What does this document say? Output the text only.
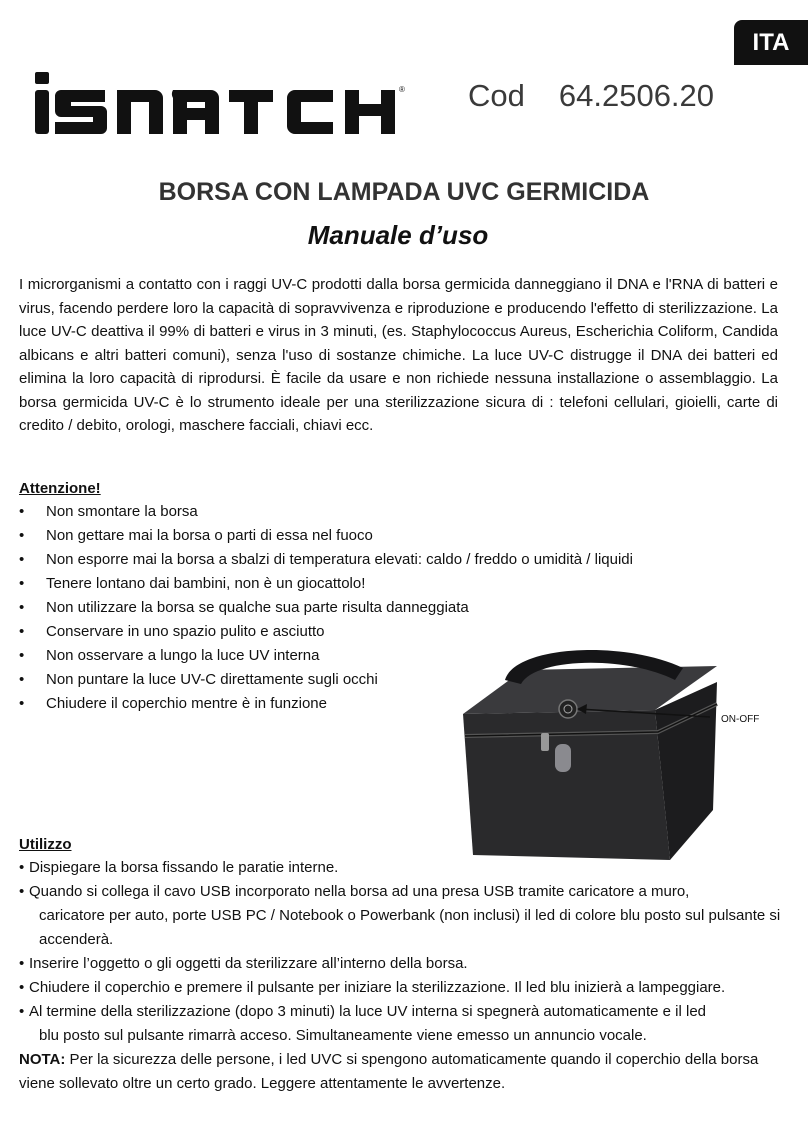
ITA
® Cod 64.2506.20
BORSA CON LAMPADA UVC GERMICIDA
Manuale d’uso

I microrganismi a contatto con i raggi UV-C prodotti dalla borsa germicida danneggiano il DNA e l'RNA di batteri e virus, facendo perdere loro la capacità di sopravvivenza e riproduzione e producendo l'effetto di sterilizzazione. La luce UV-C deattiva il 99% di batteri e virus in 3 minuti, (es. Staphylococcus Aureus, Escherichia Coliform, Candida albicans e altri batteri comuni), senza l'uso di sostanze chimiche. La luce UV-C distrugge il DNA dei batteri ed elimina la loro capacità di riprodursi. È facile da usare e non richiede nessuna installazione o assemblaggio. La borsa germicida UV-C è lo strumento ideale per una sterilizzazione sicura di : telefoni cellulari, gioielli, carte di credito / debito, orologi, maschere facciali, chiavi ecc.

Attenzione!

• Non smontare la borsa
• Non gettare mai la borsa o parti di essa nel fuoco
• Non esporre mai la borsa a sbalzi di temperatura elevati: caldo / freddo o umidità / liquidi
• Tenere lontano dai bambini, non è un giocattolo!
• Non utilizzare la borsa se qualche sua parte risulta danneggiata
• Conservare in uno spazio pulito e asciutto
• Non osservare a lungo la luce UV interna
• Non puntare la luce UV-C direttamente sugli occhi
• Chiudere il coperchio mentre è in funzione
ON-OFF

Utilizzo

• Dispiegare la borsa fissando le paratie interne.
• Quando si collega il cavo USB incorporato nella borsa ad una presa USB tramite caricatore a muro,
caricatore per auto, porte USB PC / Notebook o Powerbank (non inclusi) il led di colore blu posto sul pulsante si accenderà.
• Inserire l’oggetto o gli oggetti da sterilizzare all’interno della borsa.
• Chiudere il coperchio e premere il pulsante per iniziare la sterilizzazione. Il led blu inizierà a lampeggiare.
• Al termine della sterilizzazione (dopo 3 minuti) la luce UV interna si spegnerà automaticamente e il led
blu posto sul pulsante rimarrà acceso. Simultaneamente viene emesso un annuncio vocale.

NOTA: Per la sicurezza delle persone, i led UVC si spengono automaticamente quando il coperchio della borsa viene sollevato oltre un certo grado. Leggere attentamente le avvertenze.
